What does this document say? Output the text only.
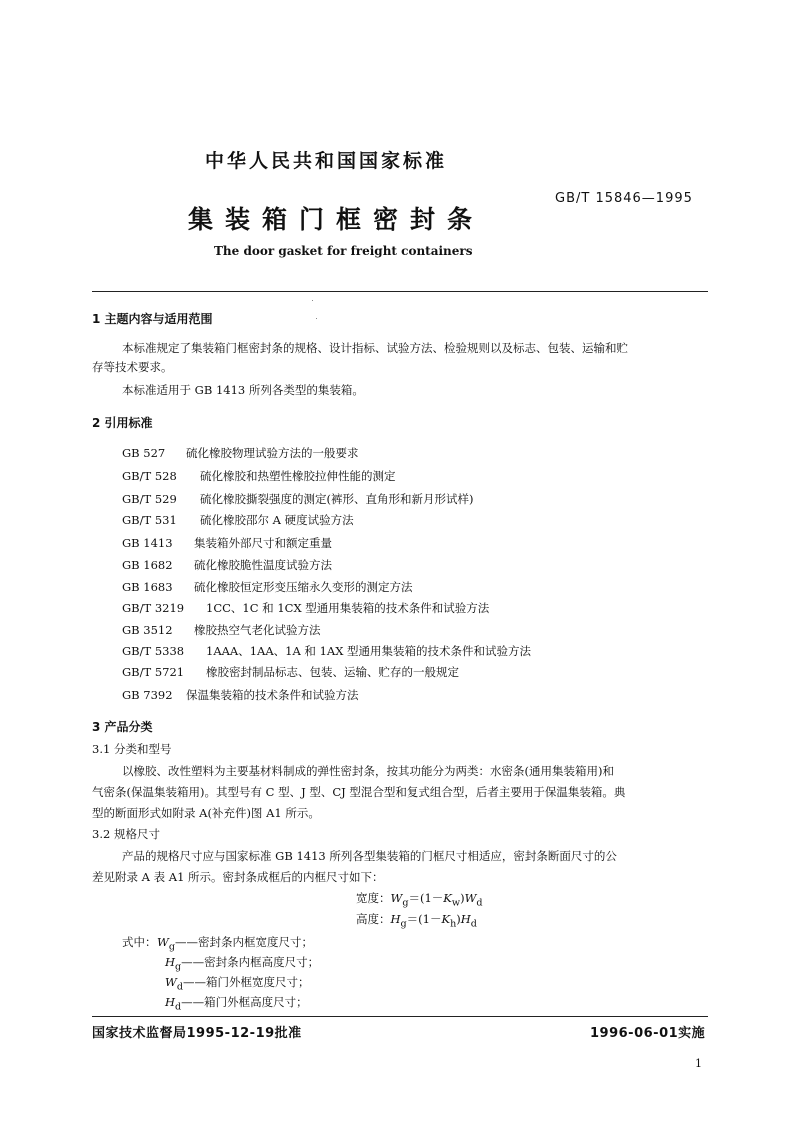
中华人民共和国国家标准
GB/T 15846—1995
集装箱门框密封条
The door gasket for freight containers
1 主题内容与适用范围
本标准规定了集装箱门框密封条的规格、设计指标、试验方法、检验规则以及标志、包装、运输和贮
存等技术要求。
本标准适用于 GB 1413 所列各类型的集装箱。
2 引用标准
GB 527 硫化橡胶物理试验方法的一般要求
GB/T 528 硫化橡胶和热塑性橡胶拉伸性能的测定
GB/T 529 硫化橡胶撕裂强度的测定(裤形、直角形和新月形试样)
GB/T 531 硫化橡胶邵尔 A 硬度试验方法
GB 1413 集装箱外部尺寸和额定重量
GB 1682 硫化橡胶脆性温度试验方法
GB 1683 硫化橡胶恒定形变压缩永久变形的测定方法
GB/T 3219 1CC、1C 和 1CX 型通用集装箱的技术条件和试验方法
GB 3512 橡胶热空气老化试验方法
GB/T 5338 1AAA、1AA、1A 和 1AX 型通用集装箱的技术条件和试验方法
GB/T 5721 橡胶密封制品标志、包装、运输、贮存的一般规定
GB 7392 保温集装箱的技术条件和试验方法
3 产品分类
3.1 分类和型号
以橡胶、改性塑料为主要基材料制成的弹性密封条，按其功能分为两类：水密条(通用集装箱用)和
气密条(保温集装箱用)。其型号有 C 型、J 型、CJ 型混合型和复式组合型，后者主要用于保温集装箱。典
型的断面形式如附录 A(补充件)图 A1 所示。
3.2 规格尺寸
产品的规格尺寸应与国家标准 GB 1413 所列各型集装箱的门框尺寸相适应，密封条断面尺寸的公
差见附录 A 表 A1 所示。密封条成框后的内框尺寸如下：
宽度：$W_g=(1-K_w)W_d$
高度：$H_g=(1-K_h)H_d$
式中： $W_g——$密封条内框宽度尺寸；
$H_g——$密封条内框高度尺寸；
$W_d——$箱门外框宽度尺寸；
$H_d——$箱门外框高度尺寸；
国家技术监督局1995-12-19批准	1996-06-01实施
1
